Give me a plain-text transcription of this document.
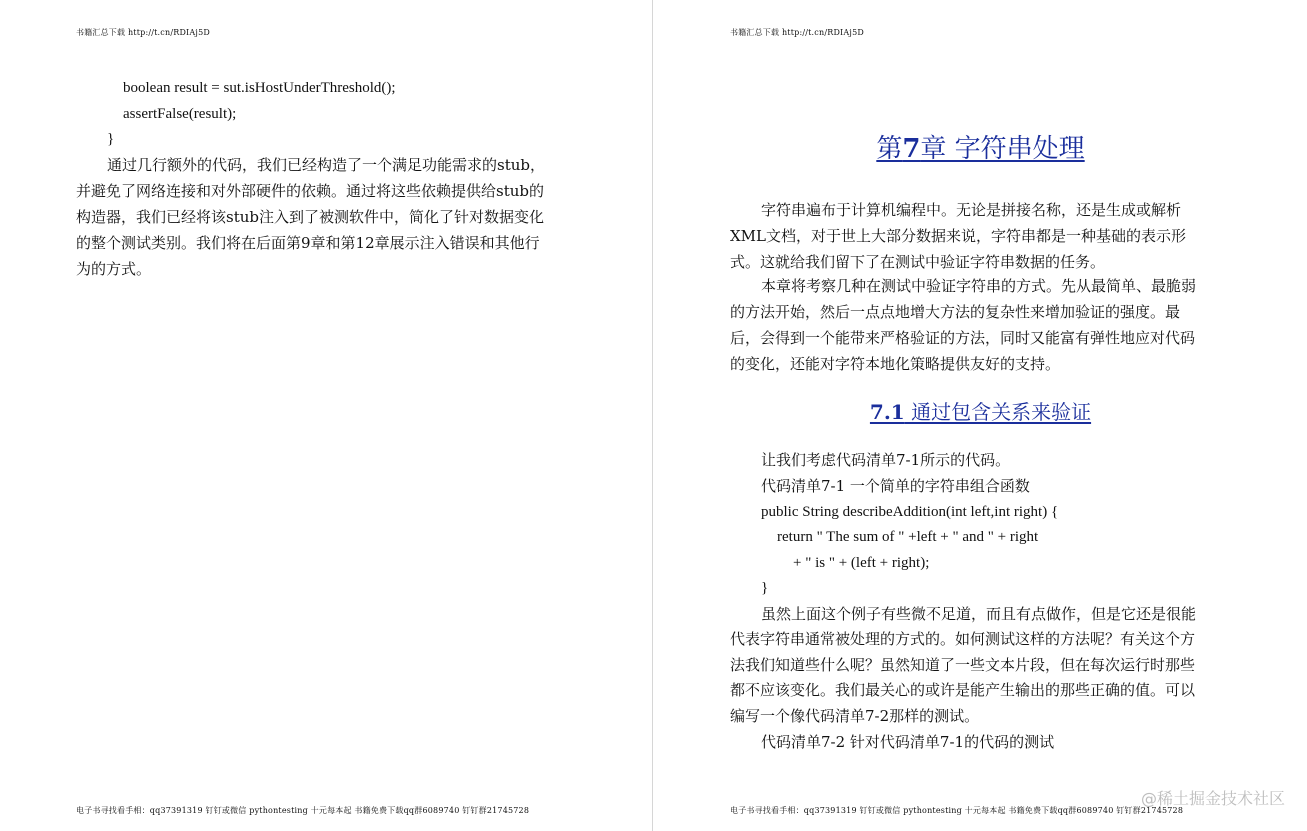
书籍汇总下载 http://t.cn/RDIAj5D
boolean result = sut.isHostUnderThreshold();
assertFalse(result);
}
通过几行额外的代码，我们已经构造了一个满足功能需求的stub，
并避免了网络连接和对外部硬件的依赖。通过将这些依赖提供给stub的
构造器，我们已经将该stub注入到了被测软件中，简化了针对数据变化
的整个测试类别。我们将在后面第9章和第12章展示注入错误和其他行
为的方式。
电子书寻找看手相：qq37391319 钉钉或微信 pythontesting 十元每本起 书籍免费下载qq群6089740 钉钉群21745728
书籍汇总下载 http://t.cn/RDIAj5D
第7章 字符串处理
字符串遍布于计算机编程中。无论是拼接名称，还是生成或解析
XML文档，对于世上大部分数据来说，字符串都是一种基础的表示形
式。这就给我们留下了在测试中验证字符串数据的任务。
本章将考察几种在测试中验证字符串的方式。先从最简单、最脆弱
的方法开始，然后一点点地增大方法的复杂性来增加验证的强度。最
后，会得到一个能带来严格验证的方法，同时又能富有弹性地应对代码
的变化，还能对字符本地化策略提供友好的支持。
7.1 通过包含关系来验证
让我们考虑代码清单7-1所示的代码。
代码清单7-1 一个简单的字符串组合函数
public String describeAddition(int left,int right) {
return " The sum of " +left + " and " + right
+ " is " + (left + right);
}
虽然上面这个例子有些微不足道，而且有点做作，但是它还是很能
代表字符串通常被处理的方式的。如何测试这样的方法呢？有关这个方
法我们知道些什么呢？虽然知道了一些文本片段，但在每次运行时那些
都不应该变化。我们最关心的或许是能产生输出的那些正确的值。可以
编写一个像代码清单7-2那样的测试。
代码清单7-2 针对代码清单7-1的代码的测试
电子书寻找看手相：qq37391319 钉钉或微信 pythontesting 十元每本起 书籍免费下载qq群6089740 钉钉群21745728
@稀土掘金技术社区
